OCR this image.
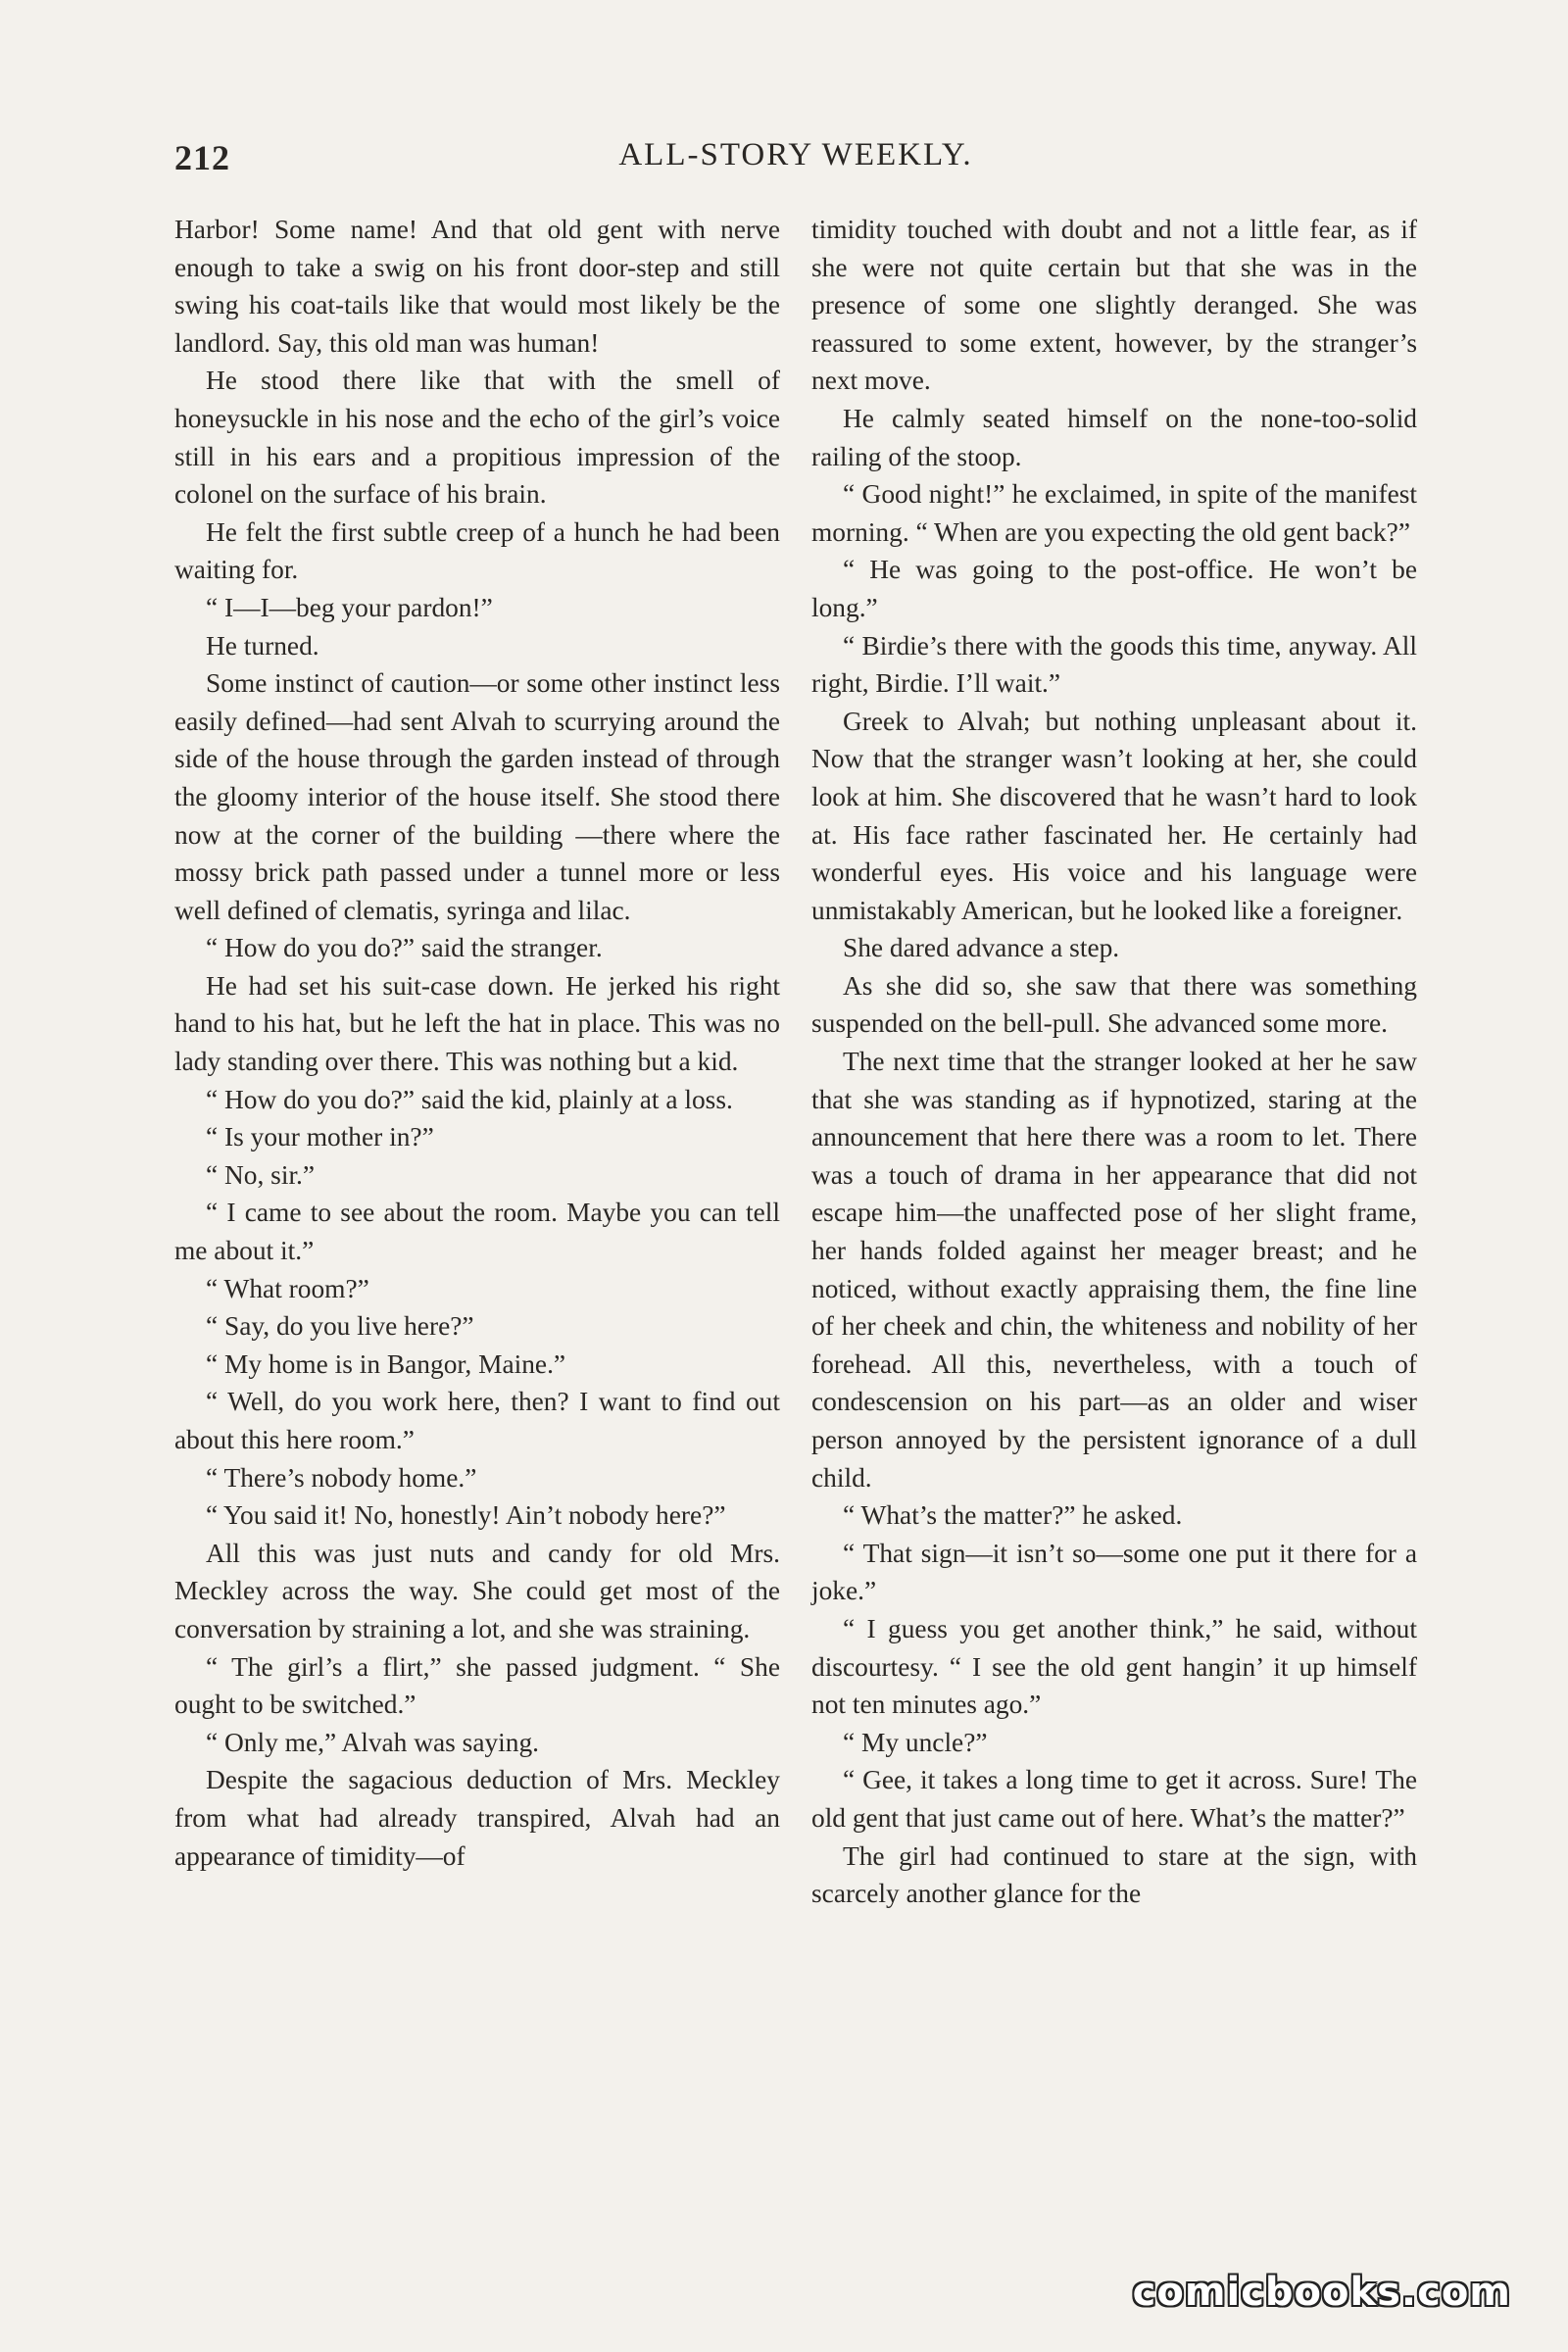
212	ALL-STORY WEEKLY.

Harbor! Some name! And that old gent with nerve enough to take a swig on his front door-step and still swing his coat-tails like that would most likely be the landlord. Say, this old man was human!

He stood there like that with the smell of honeysuckle in his nose and the echo of the girl’s voice still in his ears and a propitious impression of the colonel on the surface of his brain.

He felt the first subtle creep of a hunch he had been waiting for.

“ I—I—beg your pardon!”

He turned.

Some instinct of caution—or some other instinct less easily defined—had sent Alvah to scurrying around the side of the house through the garden instead of through the gloomy interior of the house itself. She stood there now at the corner of the building —there where the mossy brick path passed under a tunnel more or less well defined of clematis, syringa and lilac.

“ How do you do?” said the stranger.

He had set his suit-case down. He jerked his right hand to his hat, but he left the hat in place. This was no lady standing over there. This was nothing but a kid.

“ How do you do?” said the kid, plainly at a loss.

“ Is your mother in?”

“ No, sir.”

“ I came to see about the room. Maybe you can tell me about it.”

“ What room?”

“ Say, do you live here?”

“ My home is in Bangor, Maine.”

“ Well, do you work here, then? I want to find out about this here room.”

“ There’s nobody home.”

“ You said it! No, honestly! Ain’t nobody here?”

All this was just nuts and candy for old Mrs. Meckley across the way. She could get most of the conversation by straining a lot, and she was straining.

“ The girl’s a flirt,” she passed judgment. “ She ought to be switched.”

“ Only me,” Alvah was saying.

Despite the sagacious deduction of Mrs. Meckley from what had already transpired, Alvah had an appearance of timidity—of

timidity touched with doubt and not a little fear, as if she were not quite certain but that she was in the presence of some one slightly deranged. She was reassured to some extent, however, by the stranger’s next move.

He calmly seated himself on the none-too-solid railing of the stoop.

“ Good night!” he exclaimed, in spite of the manifest morning. “ When are you expecting the old gent back?”

“ He was going to the post-office. He won’t be long.”

“ Birdie’s there with the goods this time, anyway. All right, Birdie. I’ll wait.”

Greek to Alvah; but nothing unpleasant about it. Now that the stranger wasn’t looking at her, she could look at him. She discovered that he wasn’t hard to look at. His face rather fascinated her. He certainly had wonderful eyes. His voice and his language were unmistakably American, but he looked like a foreigner.

She dared advance a step.

As she did so, she saw that there was something suspended on the bell-pull. She advanced some more.

The next time that the stranger looked at her he saw that she was standing as if hypnotized, staring at the announcement that here there was a room to let. There was a touch of drama in her appearance that did not escape him—the unaffected pose of her slight frame, her hands folded against her meager breast; and he noticed, without exactly appraising them, the fine line of her cheek and chin, the whiteness and nobility of her forehead. All this, nevertheless, with a touch of condescension on his part—as an older and wiser person annoyed by the persistent ignorance of a dull child.

“ What’s the matter?” he asked.

“ That sign—it isn’t so—some one put it there for a joke.”

“ I guess you get another think,” he said, without discourtesy. “ I see the old gent hangin’ it up himself not ten minutes ago.”

“ My uncle?”

“ Gee, it takes a long time to get it across. Sure! The old gent that just came out of here. What’s the matter?”

The girl had continued to stare at the sign, with scarcely another glance for the

comicbooks.com
